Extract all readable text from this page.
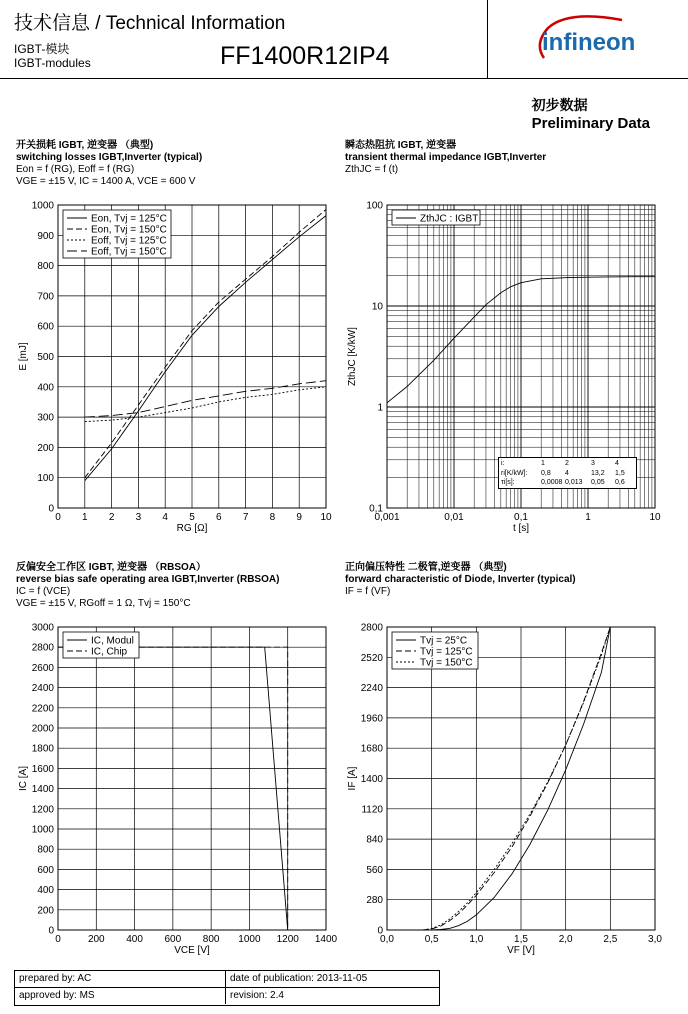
技术信息 / Technical Information
IGBT-模块
IGBT-modules	FF1400R12IP4	infineon
初步数据
Preliminary Data
开关损耗 IGBT, 逆变器 （典型)
switching losses IGBT,Inverter (typical)
Eon = f (RG), Eoff = f (RG)
VGE = ±15 V, IC = 1400 A, VCE = 600 V
瞬态热阻抗 IGBT, 逆变器
transient thermal impedance IGBT,Inverter
ZthJC = f (t)
反偏安全工作区 IGBT, 逆变器 （RBSOA）
reverse bias safe operating area IGBT,Inverter (RBSOA)
IC = f (VCE)
VGE = ±15 V, RGoff = 1 Ω, Tvj = 150°C
正向偏压特性 二极管,逆变器 （典型)
forward characteristic of Diode, Inverter (typical)
IF = f (VF)
0 1 2 3 4 5 6 7 8 9 10
0
100
200
300
400
500
600
700
800
900
1000
RG [Ω]
E [mJ]
Eon, Tvj = 125°C
Eon, Tvj = 150°C
Eoff, Tvj = 125°C
Eoff, Tvj = 150°C
0,001	0,01	0,1	1	10
0,1
1
10
100
t [s]
ZthJC [K/kW]
ZthJC : IGBT
0	200 400 600 800 1000 1200 1400
0
200
400
600
800
1000
1200
1400
1600
1800
2000
2200
2400
2600
2800
3000
VCE [V]
IC [A]
IC, Modul
IC, Chip
0,0	0,5	1,0	1,5	2,0	2,5	3,0
0
280
560
840
1120
1400
1680
1960
2240
2520
2800
VF [V]
IF [A]
Tvj = 25°C
Tvj = 125°C
Tvj = 150°C
i:	1	2	3	4
ri[K/kW]:	0,8	4	13,2	1,5
τi[s]:	0,0008 0,013	0,05	0,6
prepared by: AC	date of publication: 2013-11-05
approved by: MS	revision: 2.4
